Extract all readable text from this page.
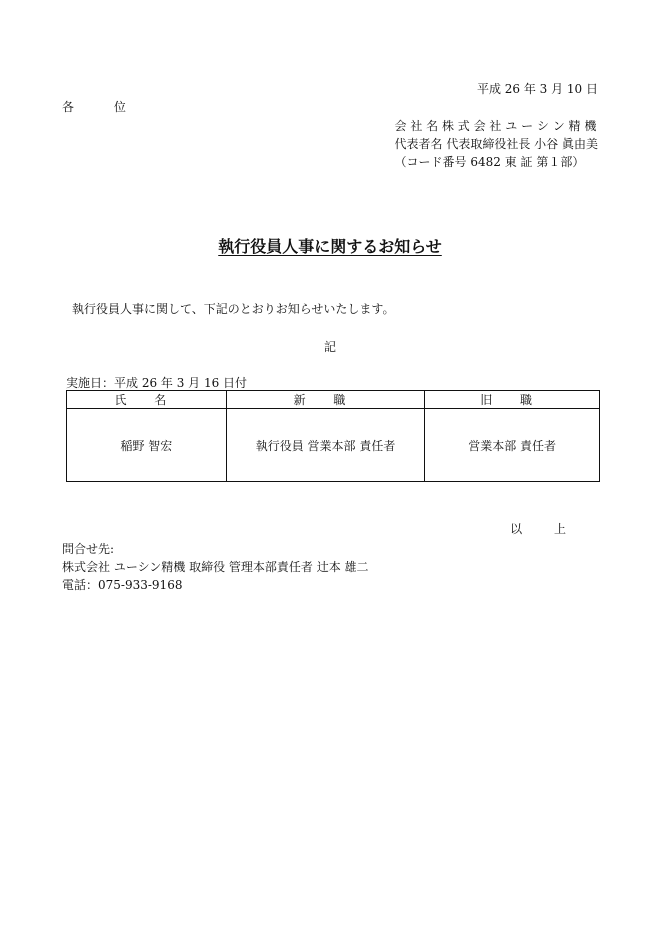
平成 26 年 3 月 10 日
各 位
会 社 名 株 式 会 社 ユ ー シ ン 精 機
代表者名 代表取締役社長 小谷 眞由美
（コード番号 6482 東 証 第１部）
執行役員人事に関するお知らせ
執行役員人事に関して、下記のとおりお知らせいたします。
記
実施日：平成 26 年 3 月 16 日付
氏 名	新 職	旧 職
稲野 智宏	執行役員 営業本部 責任者	営業本部 責任者
以 上
問合せ先:
株式会社 ユーシン精機 取締役 管理本部責任者 辻本 雄二
電話：075-933-9168
